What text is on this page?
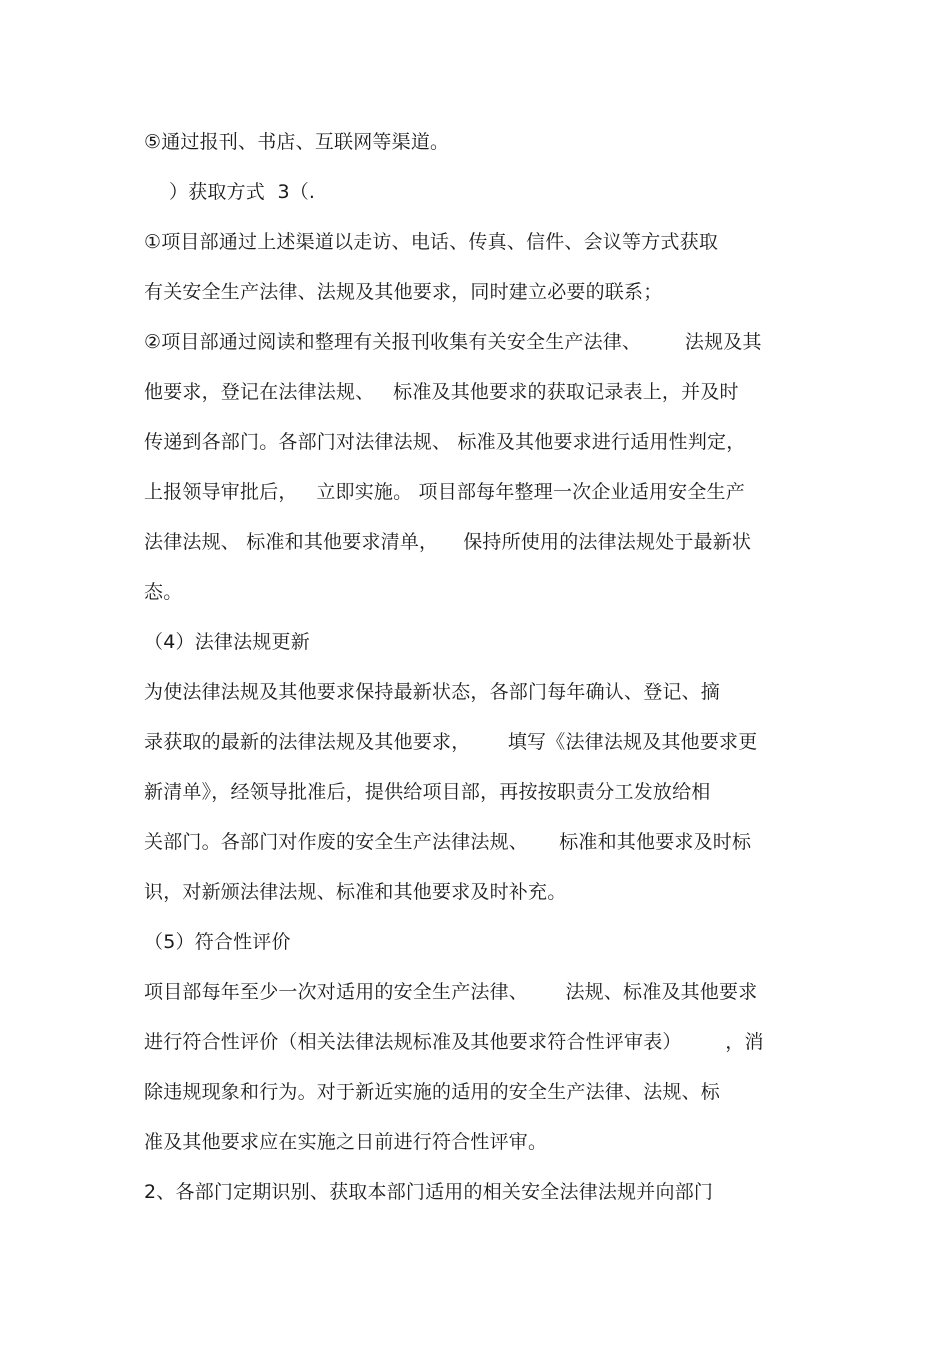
⑤通过报刊、书店、互联网等渠道。
）获取方式  3（.
①项目部通过上述渠道以走访、电话、传真、信件、会议等方式获取
有关安全生产法律、法规及其他要求，同时建立必要的联系；
②项目部通过阅读和整理有关报刊收集有关安全生产法律、       法规及其
他要求，登记在法律法规、   标准及其他要求的获取记录表上，并及时
传递到各部门。各部门对法律法规、 标准及其他要求进行适用性判定，
上报领导审批后，   立即实施。 项目部每年整理一次企业适用安全生产
法律法规、 标准和其他要求清单，    保持所使用的法律法规处于最新状
态。
（4）法律法规更新
为使法律法规及其他要求保持最新状态，各部门每年确认、登记、摘
录获取的最新的法律法规及其他要求，      填写《法律法规及其他要求更
新清单》，经领导批准后，提供给项目部，再按按职责分工发放给相
关部门。各部门对作废的安全生产法律法规、     标准和其他要求及时标
识，对新颁法律法规、标准和其他要求及时补充。
（5）符合性评价
项目部每年至少一次对适用的安全生产法律、      法规、标准及其他要求
进行符合性评价（相关法律法规标准及其他要求符合性评审表）       ，消
除违规现象和行为。对于新近实施的适用的安全生产法律、法规、标
准及其他要求应在实施之日前进行符合性评审。
2、各部门定期识别、获取本部门适用的相关安全法律法规并向部门
